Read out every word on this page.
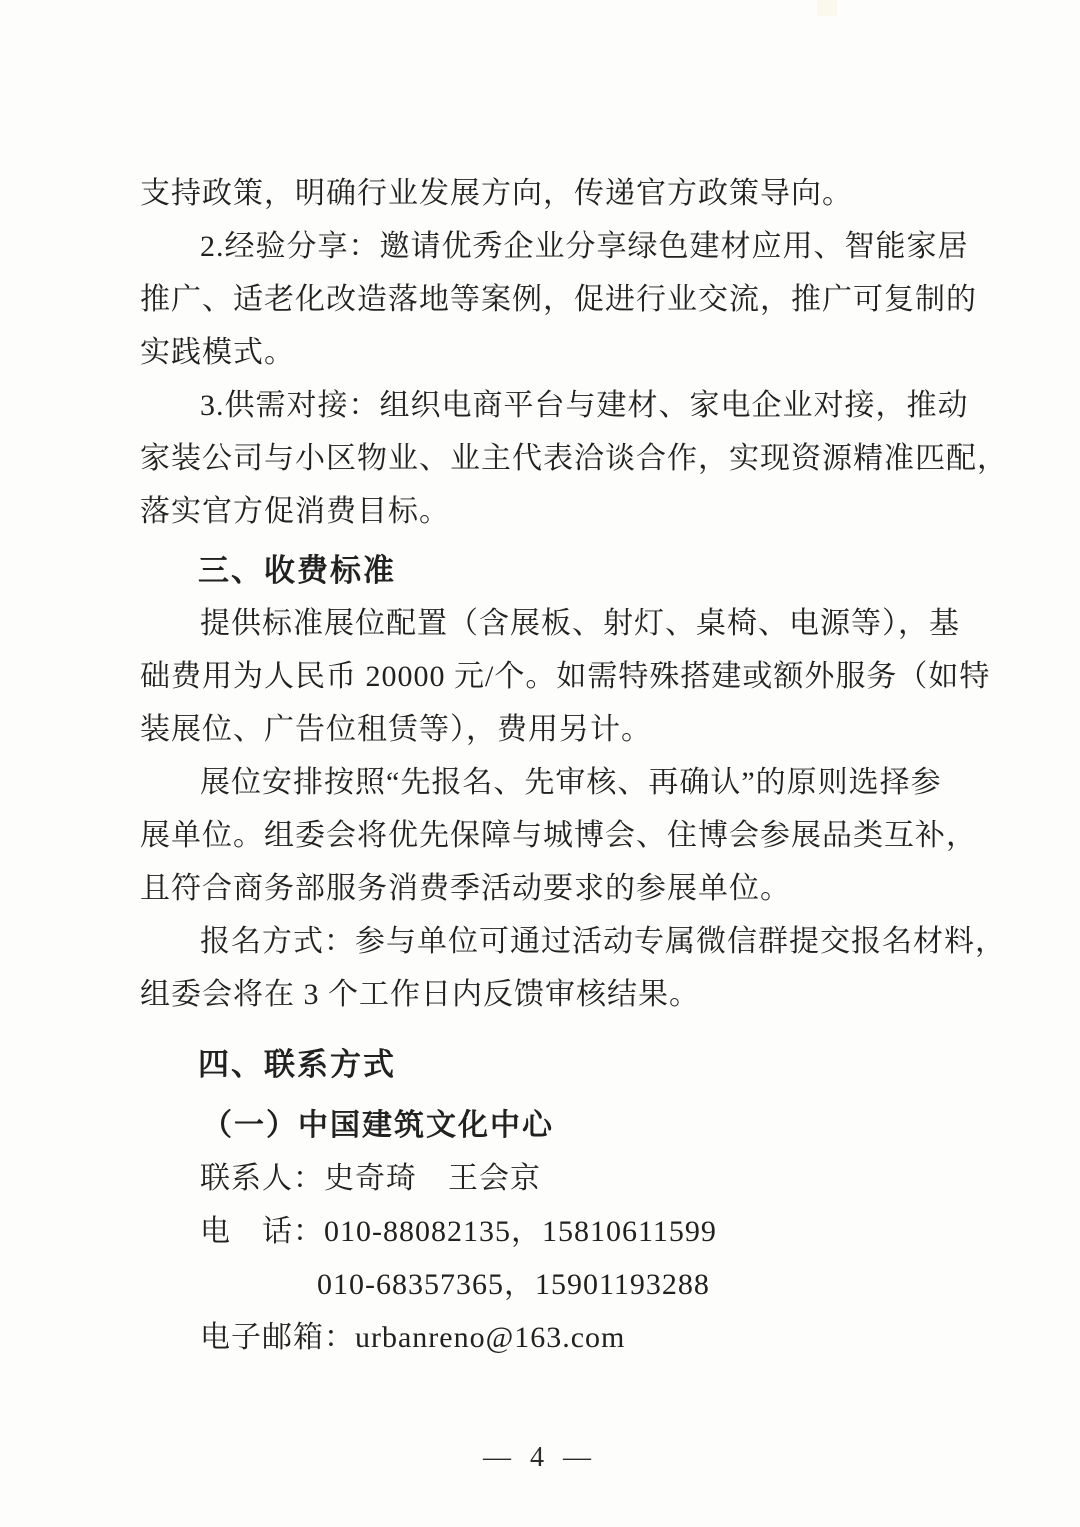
支持政策，明确行业发展方向，传递官方政策导向。
2.经验分享：邀请优秀企业分享绿色建材应用、智能家居
推广、适老化改造落地等案例，促进行业交流，推广可复制的
实践模式。
3.供需对接：组织电商平台与建材、家电企业对接，推动
家装公司与小区物业、业主代表洽谈合作，实现资源精准匹配，
落实官方促消费目标。
三、收费标准
提供标准展位配置（含展板、射灯、桌椅、电源等），基
础费用为人民币 20000 元/个。如需特殊搭建或额外服务（如特
装展位、广告位租赁等），费用另计。
展位安排按照“先报名、先审核、再确认”的原则选择参
展单位。组委会将优先保障与城博会、住博会参展品类互补，
且符合商务部服务消费季活动要求的参展单位。
报名方式：参与单位可通过活动专属微信群提交报名材料，
组委会将在 3 个工作日内反馈审核结果。
四、联系方式
（一）中国建筑文化中心
联系人：史奇琦　王会京
电　话：010-88082135，15810611599
010-68357365，15901193288
电子邮箱：urbanreno@163.com
— 4 —
